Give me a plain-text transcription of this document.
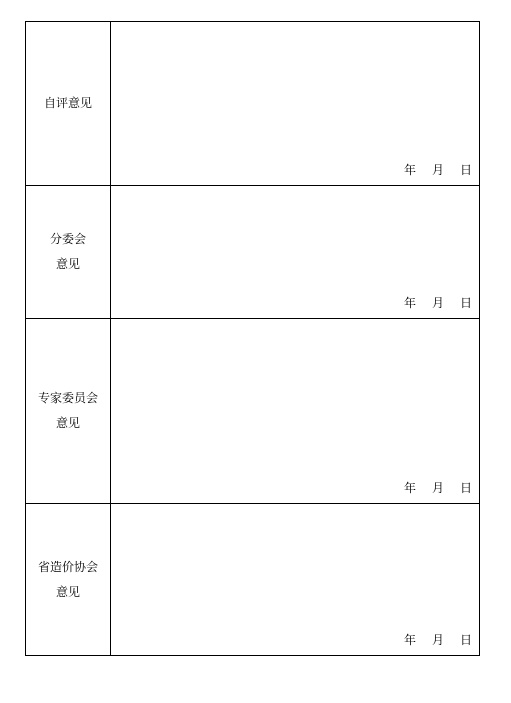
自评意见	年 月 日

分委会
意见	年 月 日

专家委员会
意见	年 月 日

省造价协会
意见	年 月 日
